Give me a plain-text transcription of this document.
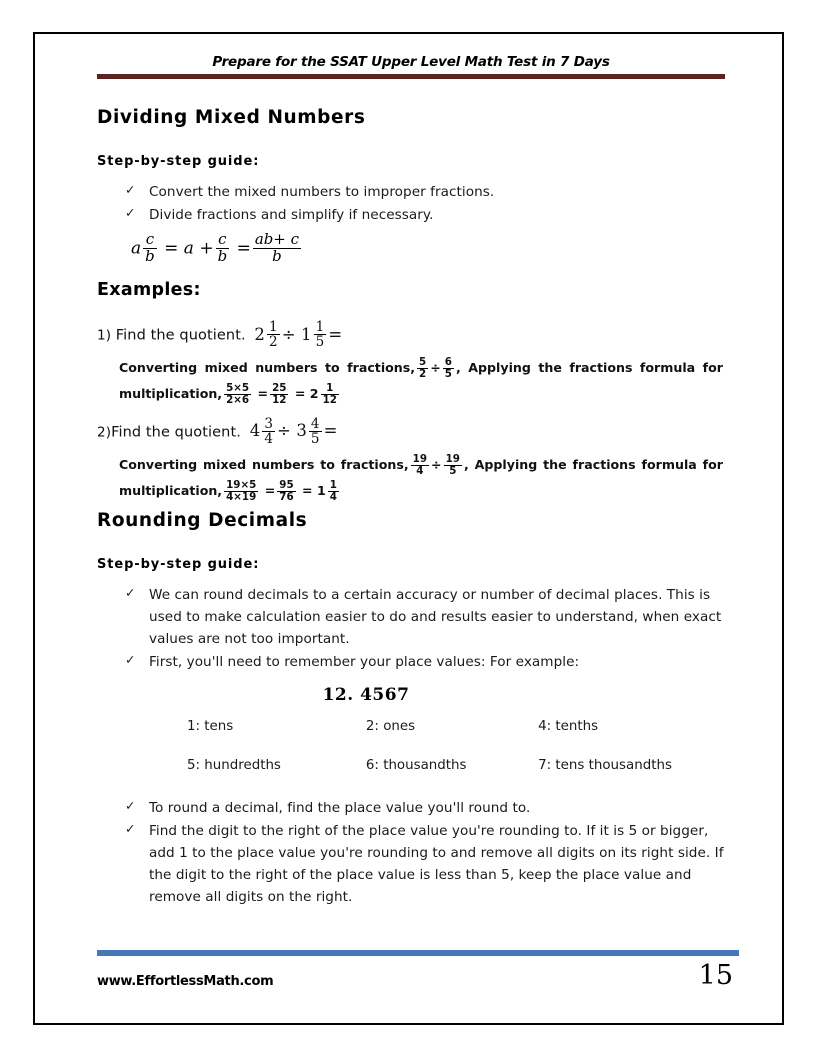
Prepare for the SSAT Upper Level Math Test in 7 Days
Dividing Mixed Numbers
Step-by-step guide:
✓ Convert the mixed numbers to improper fractions.
✓ Divide fractions and simplify if necessary.
a $\frac{c}{b} = a + \frac{c}{b} = \frac{ab+ c}{b}$
Examples:
1) Find the quotient. $2 \frac{1}{2} \div 1 \frac{1}{5}$ =
Converting mixed numbers to fractions, $\frac{5}{2} \div \frac{6}{5}$ , Applying the fractions formula for multiplication, $\frac{5\times 5}{2\times 6} = \frac{25}{12} = 2 \frac{1}{12}$
2)Find the quotient. $4 \frac{3}{4} \div 3 \frac{4}{5}$ =
Converting mixed numbers to fractions, $\frac{19}{4} \div \frac{19}{5}$ , Applying the fractions formula for multiplication, $\frac{19\times 5}{4\times 19} = \frac{95}{76} = 1 \frac{1}{4}$
Rounding Decimals
Step-by-step guide:
✓ We can round decimals to a certain accuracy or number of decimal places. This is used to make calculation easier to do and results easier to understand, when exact values are not too important.
✓ First, you'll need to remember your place values: For example:
12. 4567
1: tens	2: ones	4: tenths
5: hundredths	6: thousandths	7: tens thousandths
✓ To round a decimal, find the place value you'll round to.
✓ Find the digit to the right of the place value you're rounding to. If it is 5 or bigger, add 1 to the place value you're rounding to and remove all digits on its right side. If the digit to the right of the place value is less than 5, keep the place value and remove all digits on the right.
www.EffortlessMath.com	15
